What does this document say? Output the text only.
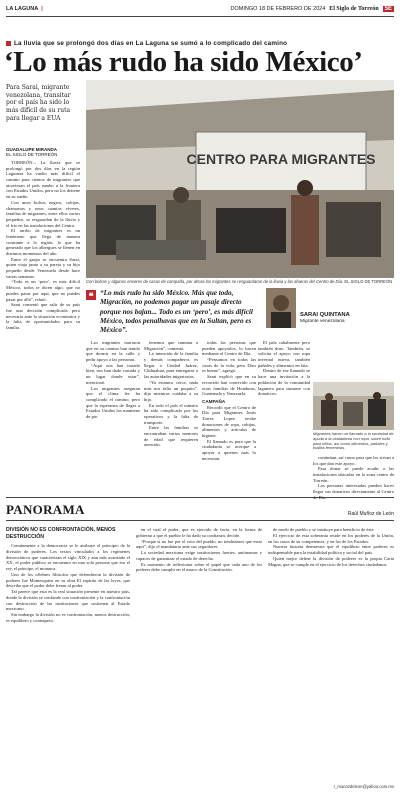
LA LAGUNA |	DOMINGO 18 DE FEBRERO DE 2024 El Siglo de Torreón	5E
La lluvia que se prolongó dos días en La Laguna se sumó a lo complicado del camino
‘Lo más rudo ha sido México’
Para Sarai, migrante venezolana, transitar por el país ha sido lo más difícil de su ruta para llegar a EUA
GUADALUPE MIRANDA
EL SIGLO DE TORREÓN

TORREÓN.– La lluvia que se prolongó por dos días en la región Lagunera ha vuelto más difícil el camino para cientos de migrantes que atraviesan el país rumbo a la frontera con Estados Unidos, pero no los detiene en su sueño.

Con unos bolsos negros, cobijas, chamarras y unos cuantos víveres, familias de migrantes, entre ellos varios pequeños, se resguardan de la lluvia y el frío en las instalaciones del Centro.

El arribo de migrantes es un fenómeno que llega de manera constante a la región, lo que ha generado que los albergues se llenen en distintos momentos del año.

Entre el grupo se encuentra Sarai, quien viaja junto a su pareja y su hijo pequeño desde Venezuela desde hace varias semanas.

“Todo es un ‘pero’, es más difícil México, todos te dicen algo, que no puedes pasar por aquí, que no puedes pasar por allá”, relató.

Sarai comentó que salir de su país fue una decisión complicada pero necesaria ante la situación económica y la falta de oportunidades para su familia.

CENTRO PARA MIGRANTES
Con bolsas y algunos enseres de casas de campaña, por ahora los migrantes se resguardaron de la lluvia y las afueras del Centro de Día. EL SIGLO DE TORREÓN
❝ “Lo más rudo ha sido México. Más que todo, Migración, no podemos pagar un pasaje directo porque nos bajan... Todo es un ‘pero’, es más difícil México, todos penalhavas que en la Sultan, pero es México”.
SARAI QUINTANA
Migrante venezolana

Los migrantes narraron que en su camino han tenido que dormir en la calle y pedir apoyo a las personas.

“Aquí nos han tratado bien, nos han dado comida y un lugar donde estar”, mencionó.

Los migrantes aseguran que el clima les ha complicado el camino, pero que la esperanza de llegar a Estados Unidos los mantiene de pie.

tenemos que caminar a Migración”, comentó.

La intención de la familia y demás compañeros es llegar a Ciudad Juárez, Chihuahua, para entregarse a las autoridades migratorias.

“Ya estamos cerca, nada más nos falta un poquito”, dijo mientras cuidaba a su hijo.

En todo el país el tránsito ha sido complicado por los operativos y la falta de transporte.

Entre las familias se encontraban varios menores de edad que requieren atención.

todas las personas que pueden apoyarlos, lo hacen mediante el Centro de Día.

“Pensamos en todas las cosas de la vida, pero Dios es bueno”, agregó.

Sarai explicó que en su recorrido han convivido con otras familias de Honduras, Guatemala y Venezuela.

CAMPAÑA

Recordó que el Centro de Día para Migrantes Jesús Torres Lopez recibe donaciones de ropa, cobijas, alimentos y artículos de higiene.

El llamado es para que la ciudadanía se acerque a apoyar a quienes más lo necesitan.

El país cabalmente pero también duro. También, se solicita el apoyo con ropa invernal nueva, también pañales y alimentos en lata.

Dentro de ese llamado se hace una invitación a la población de la comunidad lagunera para sumarse con donativos.

Migrantes hacen un llamado a la sociedad de ayuda a la ciudadanía con ropa, sobre todo para niños, así como alimentos, pañales y toallas femeninas.

continúan, así como para que les sirvan a los que dan este apoyo.

Para donar se puede acudir a las instalaciones ubicadas en la zona centro de Torreón.

Las personas interesadas pueden hacer llegar sus donativos directamente al Centro

PANORAMA	Raúl Muñoz de León
DIVISIÓN NO ES CONFRONTACIÓN, MENOS DESTRUCCIÓN

Comúnmente a la democracia se le atribuye el principio de la división de poderes. Los textos vinculados a los regímenes democráticos que caracterizan el siglo XIX y aún más avanzado el XX, el poder público se encuentra en una sola persona que era el rey, el príncipe, el monarca.

Uno de los célebres filósofos que defendieron la división de poderes fue Montesquieu en su obra El espíritu de las leyes, que describe que el poder debe frenar al poder.

Tal parece que esta es la real situación presente en nuestro país, donde la división se confunde con confrontación y la confrontación con destrucción de las instituciones que sostienen al Estado mexicano.

Sin embargo la división no es confrontación, menos destrucción; es equilibrio y contrapeso.

en el cual el poder, que es ejercido de facto, en la forma de gobierno a que el pueblo le ha dado su confianza, decide.

“Porque si no fue por el voto del pueblo, no tendríamos que estar aquí”, dijo el mandatario ante sus seguidores.

La sociedad mexicana exige instituciones fuertes, autónomas y capaces de garantizar el estado de derecho.

Es momento de reflexionar sobre el papel que cada uno de los poderes debe cumplir en el marco de la Constitución.

de modo de pueblo y se instituye para beneficio de éste.

El ejercicio de esta soberanía reside en los poderes de la Unión, en los casos de su competencia, y en los de los Estados.

Nuestra historia demuestra que el equilibrio entre poderes es indispensable para la estabilidad política y social del país.

Quien mejor define la división de poderes es la propia Carta Magna, que se cumple en el ejercicio de los derechos ciudadanos.

r_munozdeleon@yahoo.com.mx
